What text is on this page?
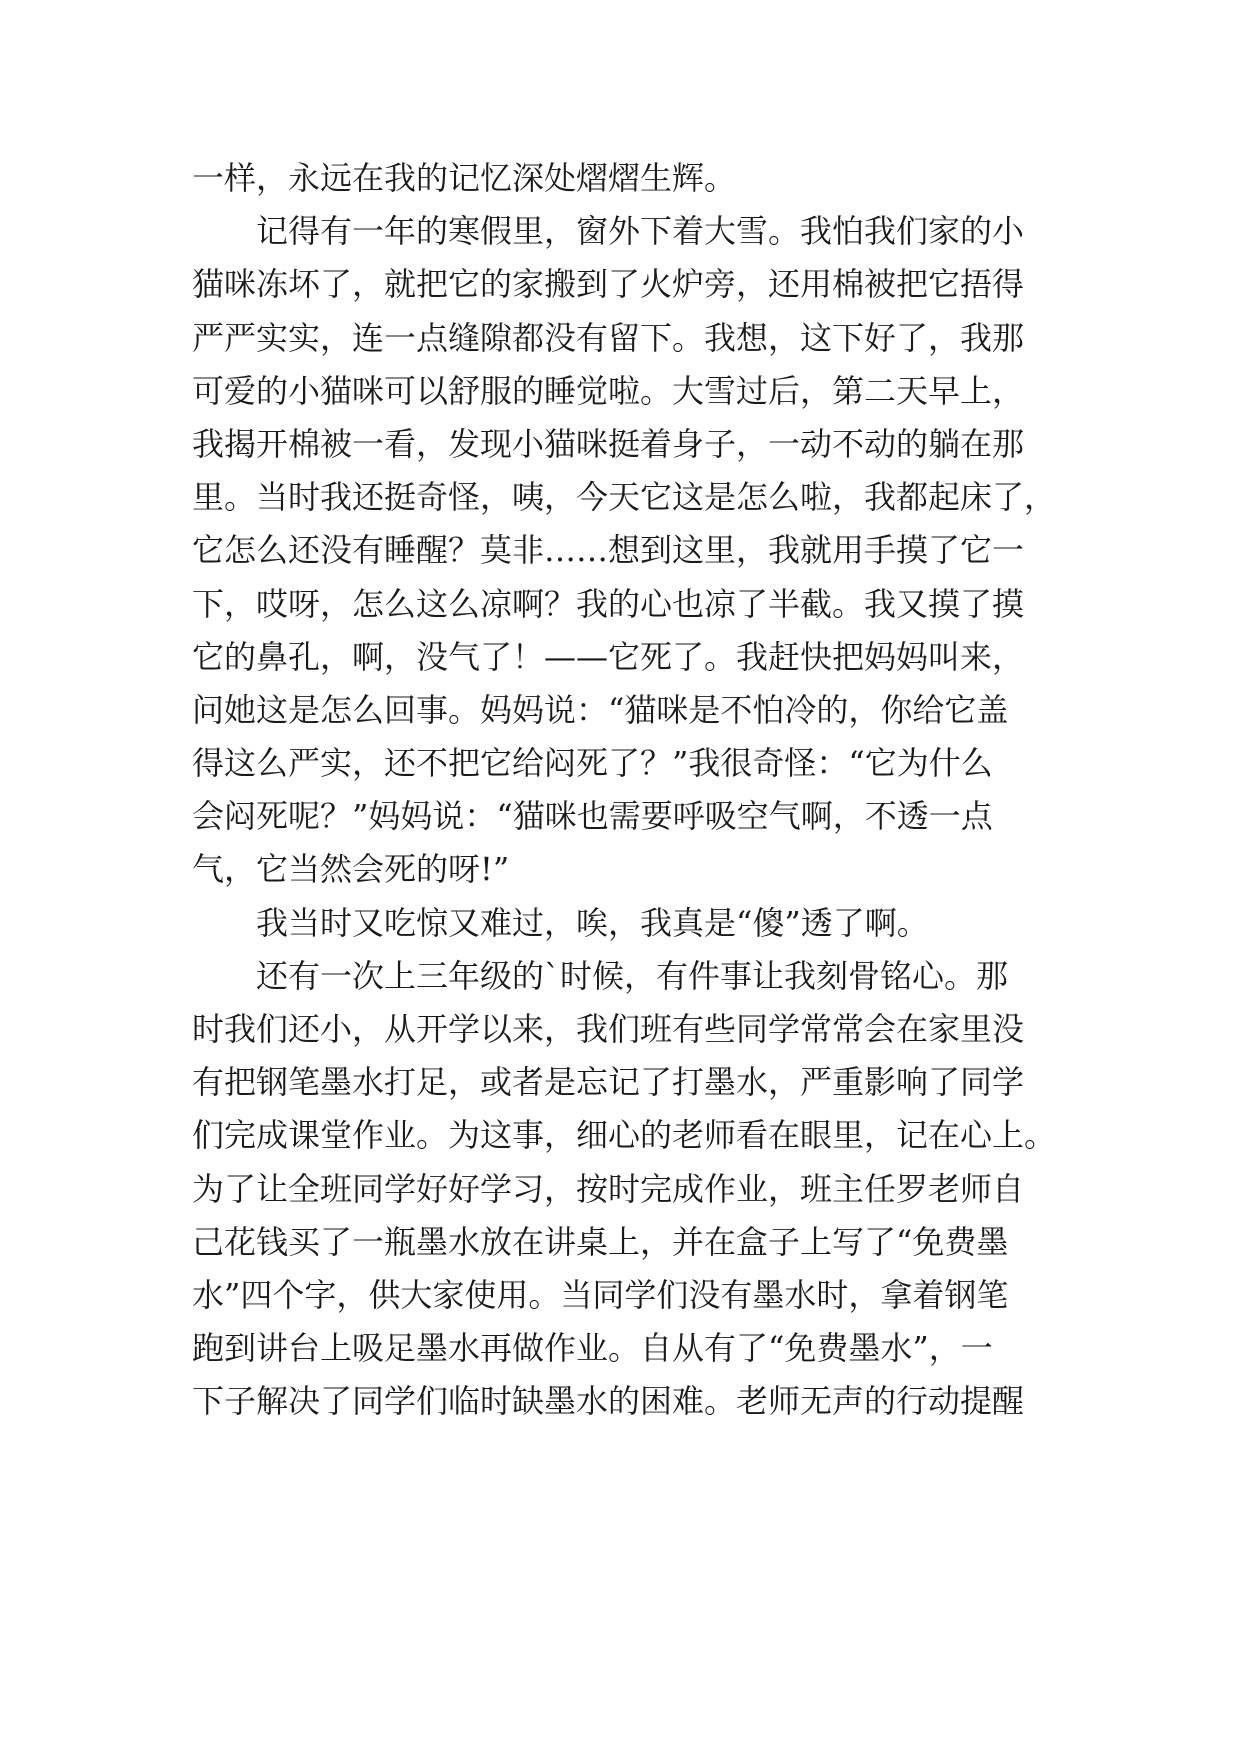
一样，永远在我的记忆深处熠熠生辉。
记得有一年的寒假里，窗外下着大雪。我怕我们家的小
猫咪冻坏了，就把它的家搬到了火炉旁，还用棉被把它捂得
严严实实，连一点缝隙都没有留下。我想，这下好了，我那
可爱的小猫咪可以舒服的睡觉啦。大雪过后，第二天早上，
我揭开棉被一看，发现小猫咪挺着身子，一动不动的躺在那
里。当时我还挺奇怪，咦，今天它这是怎么啦，我都起床了，
它怎么还没有睡醒？莫非……想到这里，我就用手摸了它一
下，哎呀，怎么这么凉啊？我的心也凉了半截。我又摸了摸
它的鼻孔，啊，没气了！——它死了。我赶快把妈妈叫来，
问她这是怎么回事。妈妈说：“猫咪是不怕冷的，你给它盖
得这么严实，还不把它给闷死了？”我很奇怪：“它为什么
会闷死呢？”妈妈说：“猫咪也需要呼吸空气啊，不透一点
气，它当然会死的呀!”
我当时又吃惊又难过，唉，我真是“傻”透了啊。
还有一次上三年级的`时候，有件事让我刻骨铭心。那
时我们还小，从开学以来，我们班有些同学常常会在家里没
有把钢笔墨水打足，或者是忘记了打墨水，严重影响了同学
们完成课堂作业。为这事，细心的老师看在眼里，记在心上。
为了让全班同学好好学习，按时完成作业，班主任罗老师自
己花钱买了一瓶墨水放在讲桌上，并在盒子上写了“免费墨
水”四个字，供大家使用。当同学们没有墨水时，拿着钢笔
跑到讲台上吸足墨水再做作业。自从有了“免费墨水”，一
下子解决了同学们临时缺墨水的困难。老师无声的行动提醒
